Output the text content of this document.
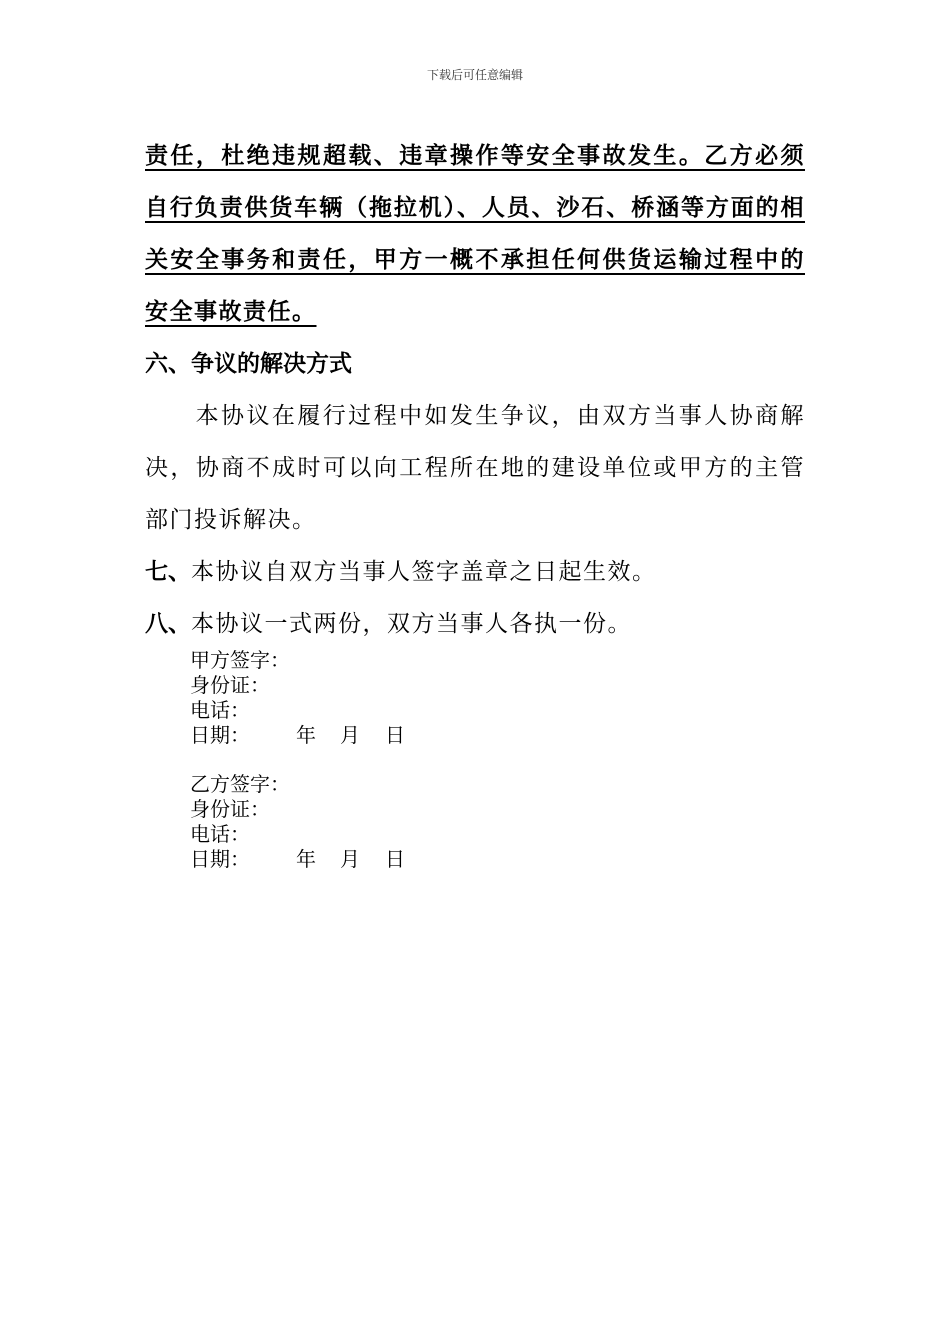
下载后可任意编辑

责任，杜绝违规超载、违章操作等安全事故发生。乙方必须自行负责供货车辆（拖拉机）、人员、沙石、桥涵等方面的相关安全事务和责任，甲方一概不承担任何供货运输过程中的安全事故责任。

六、争议的解决方式

本协议在履行过程中如发生争议，由双方当事人协商解决，协商不成时可以向工程所在地的建设单位或甲方的主管部门投诉解决。

七、本协议自双方当事人签字盖章之日起生效。

八、本协议一式两份，双方当事人各执一份。

甲方签字：
身份证：
电话：
日期： 年 月 日
乙方签字：
身份证：
电话：
日期： 年 月 日
